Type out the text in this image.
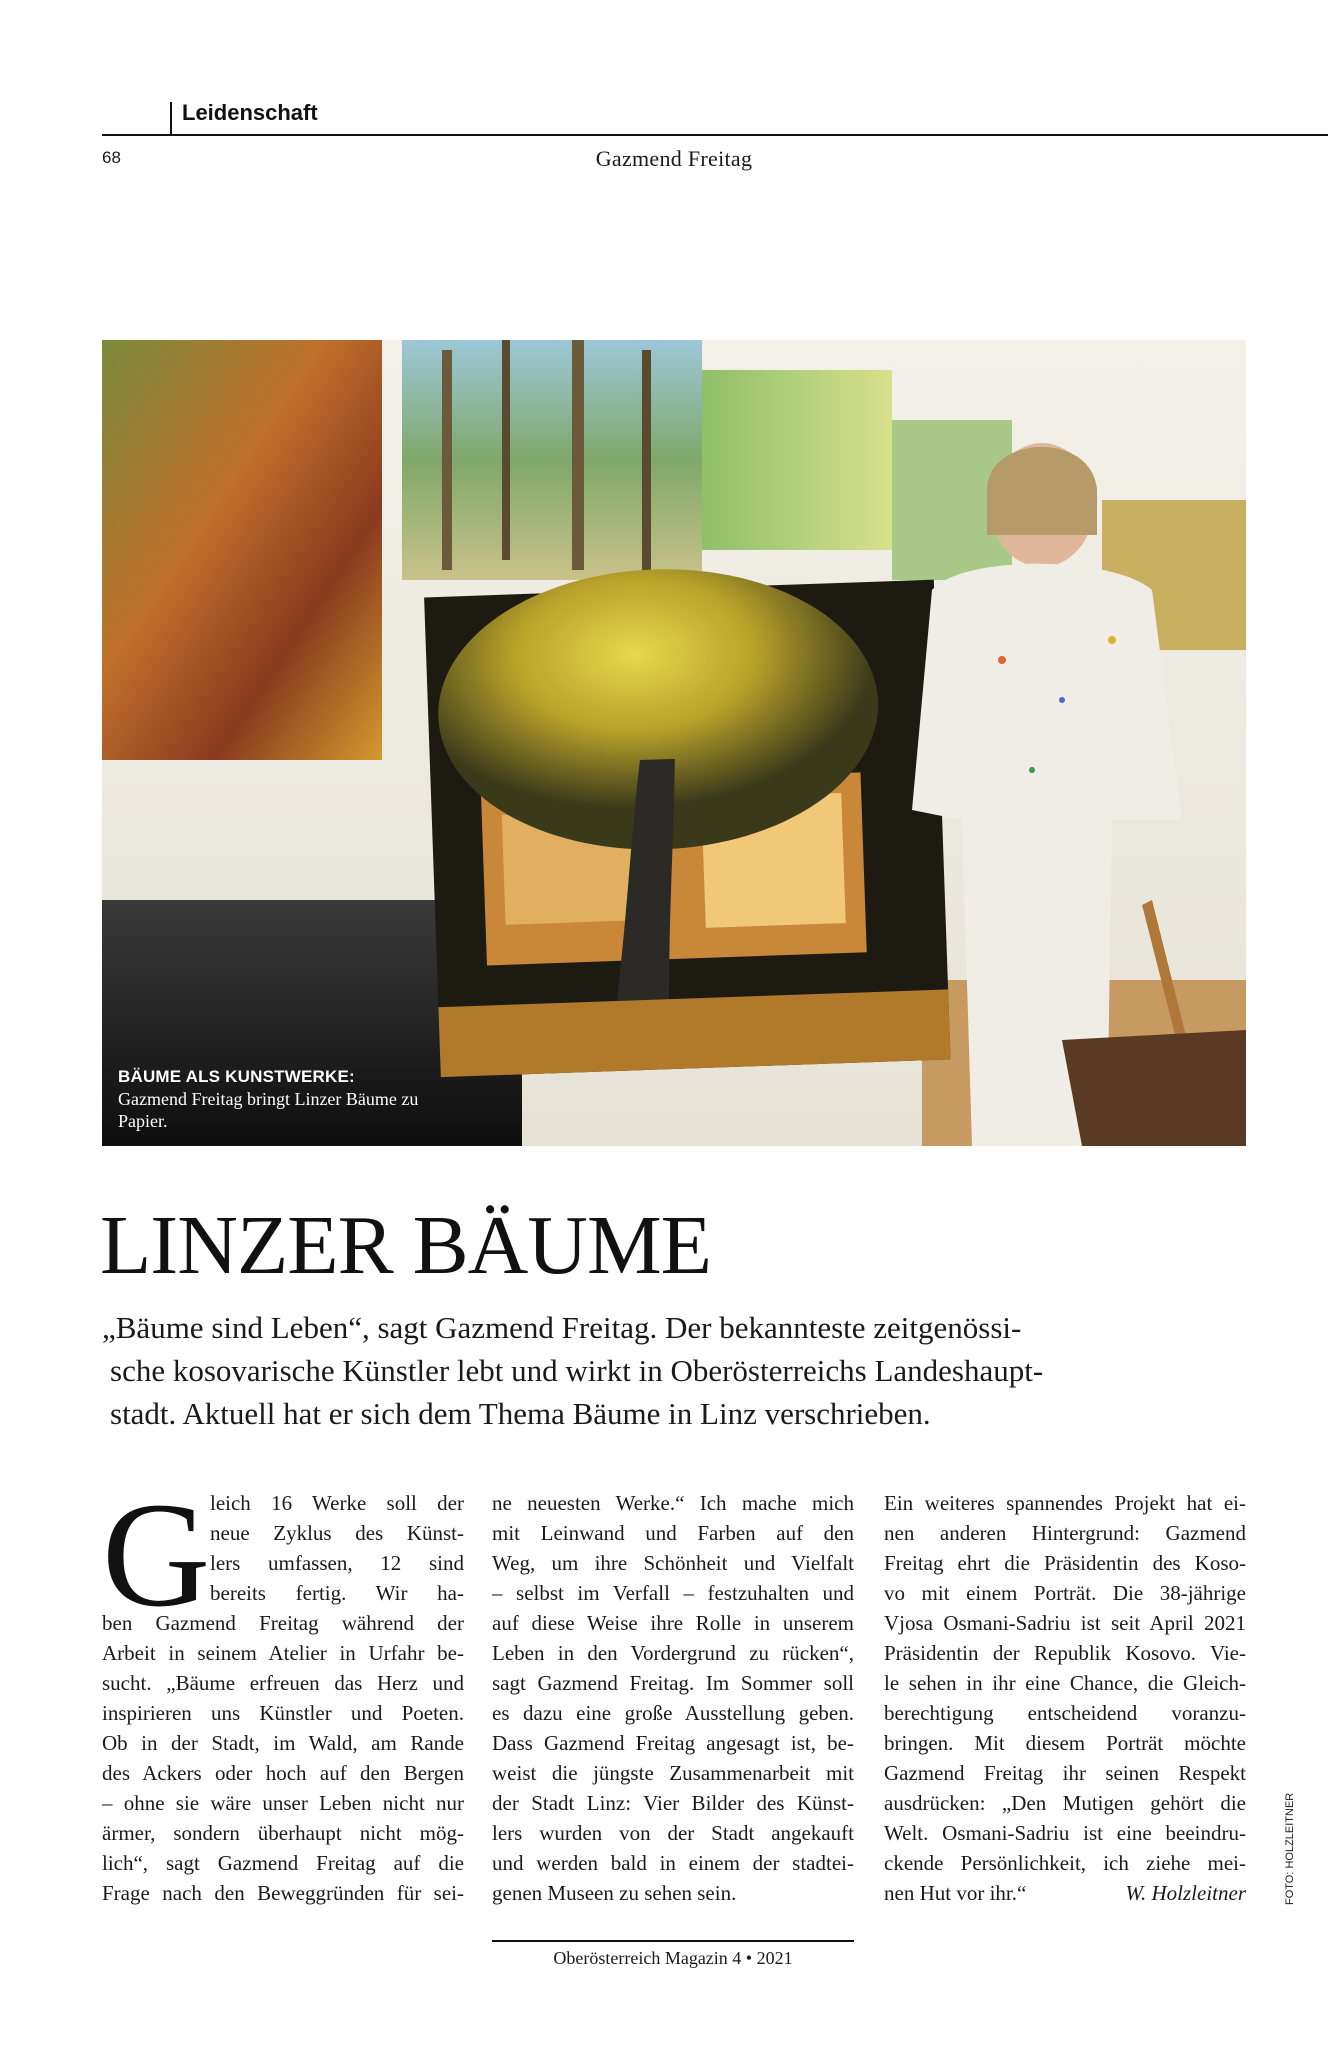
Leidenschaft
68	Gazmend Freitag
BÄUME ALS KUNSTWERKE:
Gazmend Freitag bringt Linzer Bäume zu Papier.
LINZER BÄUME
„Bäume sind Leben“, sagt Gazmend Freitag. Der bekannteste zeitgenössi-
sche kosovarische Künstler lebt und wirkt in Oberösterreichs Landeshaupt-
stadt. Aktuell hat er sich dem Thema Bäume in Linz verschrieben.
G leich 16 Werke soll der
neue Zyklus des Künst-
lers umfassen, 12 sind
bereits fertig. Wir ha-
ben Gazmend Freitag während der
Arbeit in seinem Atelier in Urfahr be-
sucht. „Bäume erfreuen das Herz und
inspirieren uns Künstler und Poeten.
Ob in der Stadt, im Wald, am Rande
des Ackers oder hoch auf den Bergen
– ohne sie wäre unser Leben nicht nur
ärmer, sondern überhaupt nicht mög-
lich“, sagt Gazmend Freitag auf die
Frage nach den Beweggründen für sei-
ne neuesten Werke.“ Ich mache mich
mit Leinwand und Farben auf den
Weg, um ihre Schönheit und Vielfalt
– selbst im Verfall – festzuhalten und
auf diese Weise ihre Rolle in unserem
Leben in den Vordergrund zu rücken“,
sagt Gazmend Freitag. Im Sommer soll
es dazu eine große Ausstellung geben.
Dass Gazmend Freitag angesagt ist, be-
weist die jüngste Zusammenarbeit mit
der Stadt Linz: Vier Bilder des Künst-
lers wurden von der Stadt angekauft
und werden bald in einem der stadtei-
genen Museen zu sehen sein.
Ein weiteres spannendes Projekt hat ei-
nen anderen Hintergrund: Gazmend
Freitag ehrt die Präsidentin des Koso-
vo mit einem Porträt. Die 38-jährige
Vjosa Osmani-Sadriu ist seit April 2021
Präsidentin der Republik Kosovo. Vie-
le sehen in ihr eine Chance, die Gleich-
berechtigung entscheidend voranzu-
bringen. Mit diesem Porträt möchte
Gazmend Freitag ihr seinen Respekt
ausdrücken: „Den Mutigen gehört die
Welt. Osmani-Sadriu ist eine beeindru-
ckende Persönlichkeit, ich ziehe mei-
nen Hut vor ihr.“	W. Holzleitner	FOTO: HOLZLEITNER
Oberösterreich Magazin 4 • 2021
